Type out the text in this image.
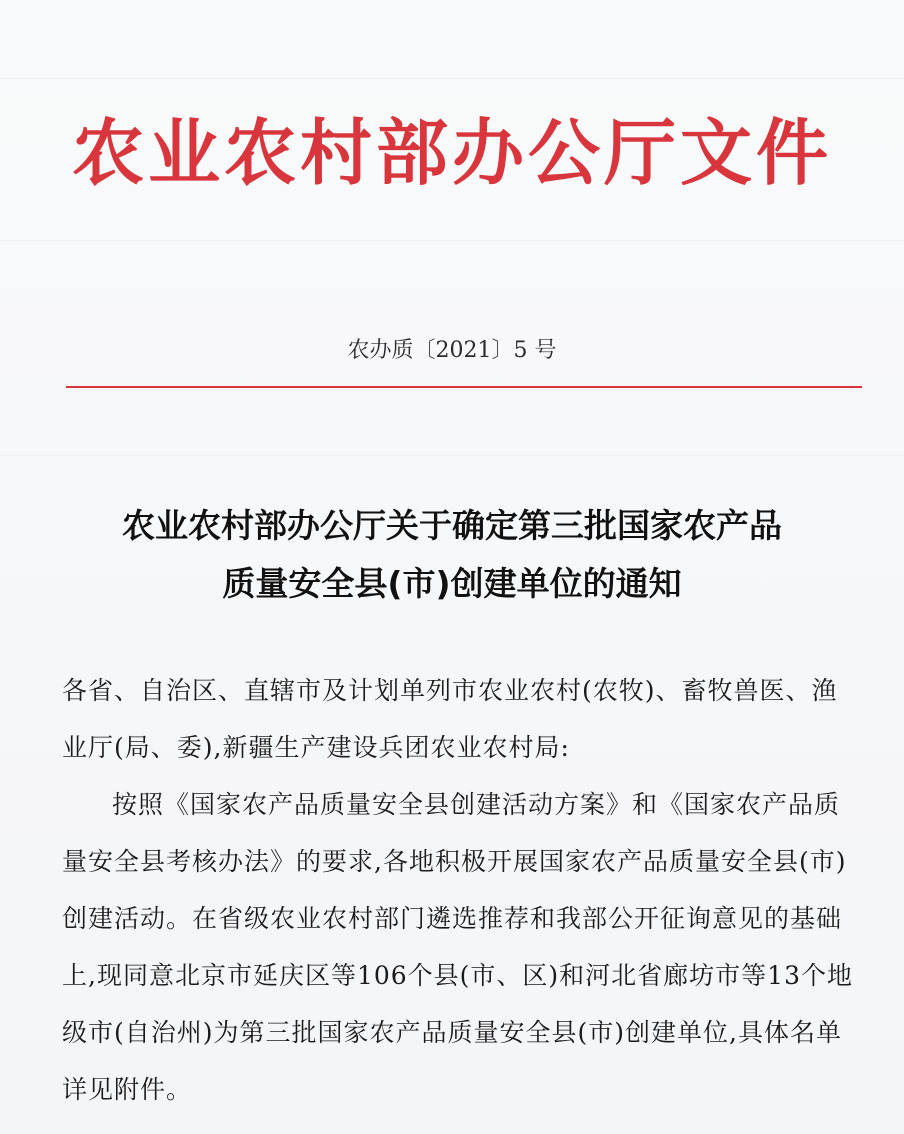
农业农村部办公厅文件
农办质〔2021〕5 号
农业农村部办公厅关于确定第三批国家农产品
质量安全县(市)创建单位的通知

各省、自治区、直辖市及计划单列市农业农村(农牧)、畜牧兽医、渔业厅(局、委),新疆生产建设兵团农业农村局:

按照《国家农产品质量安全县创建活动方案》和《国家农产品质量安全县考核办法》的要求,各地积极开展国家农产品质量安全县(市)创建活动。在省级农业农村部门遴选推荐和我部公开征询意见的基础上,现同意北京市延庆区等106个县(市、区)和河北省廊坊市等13个地级市(自治州)为第三批国家农产品质量安全县(市)创建单位,具体名单详见附件。
